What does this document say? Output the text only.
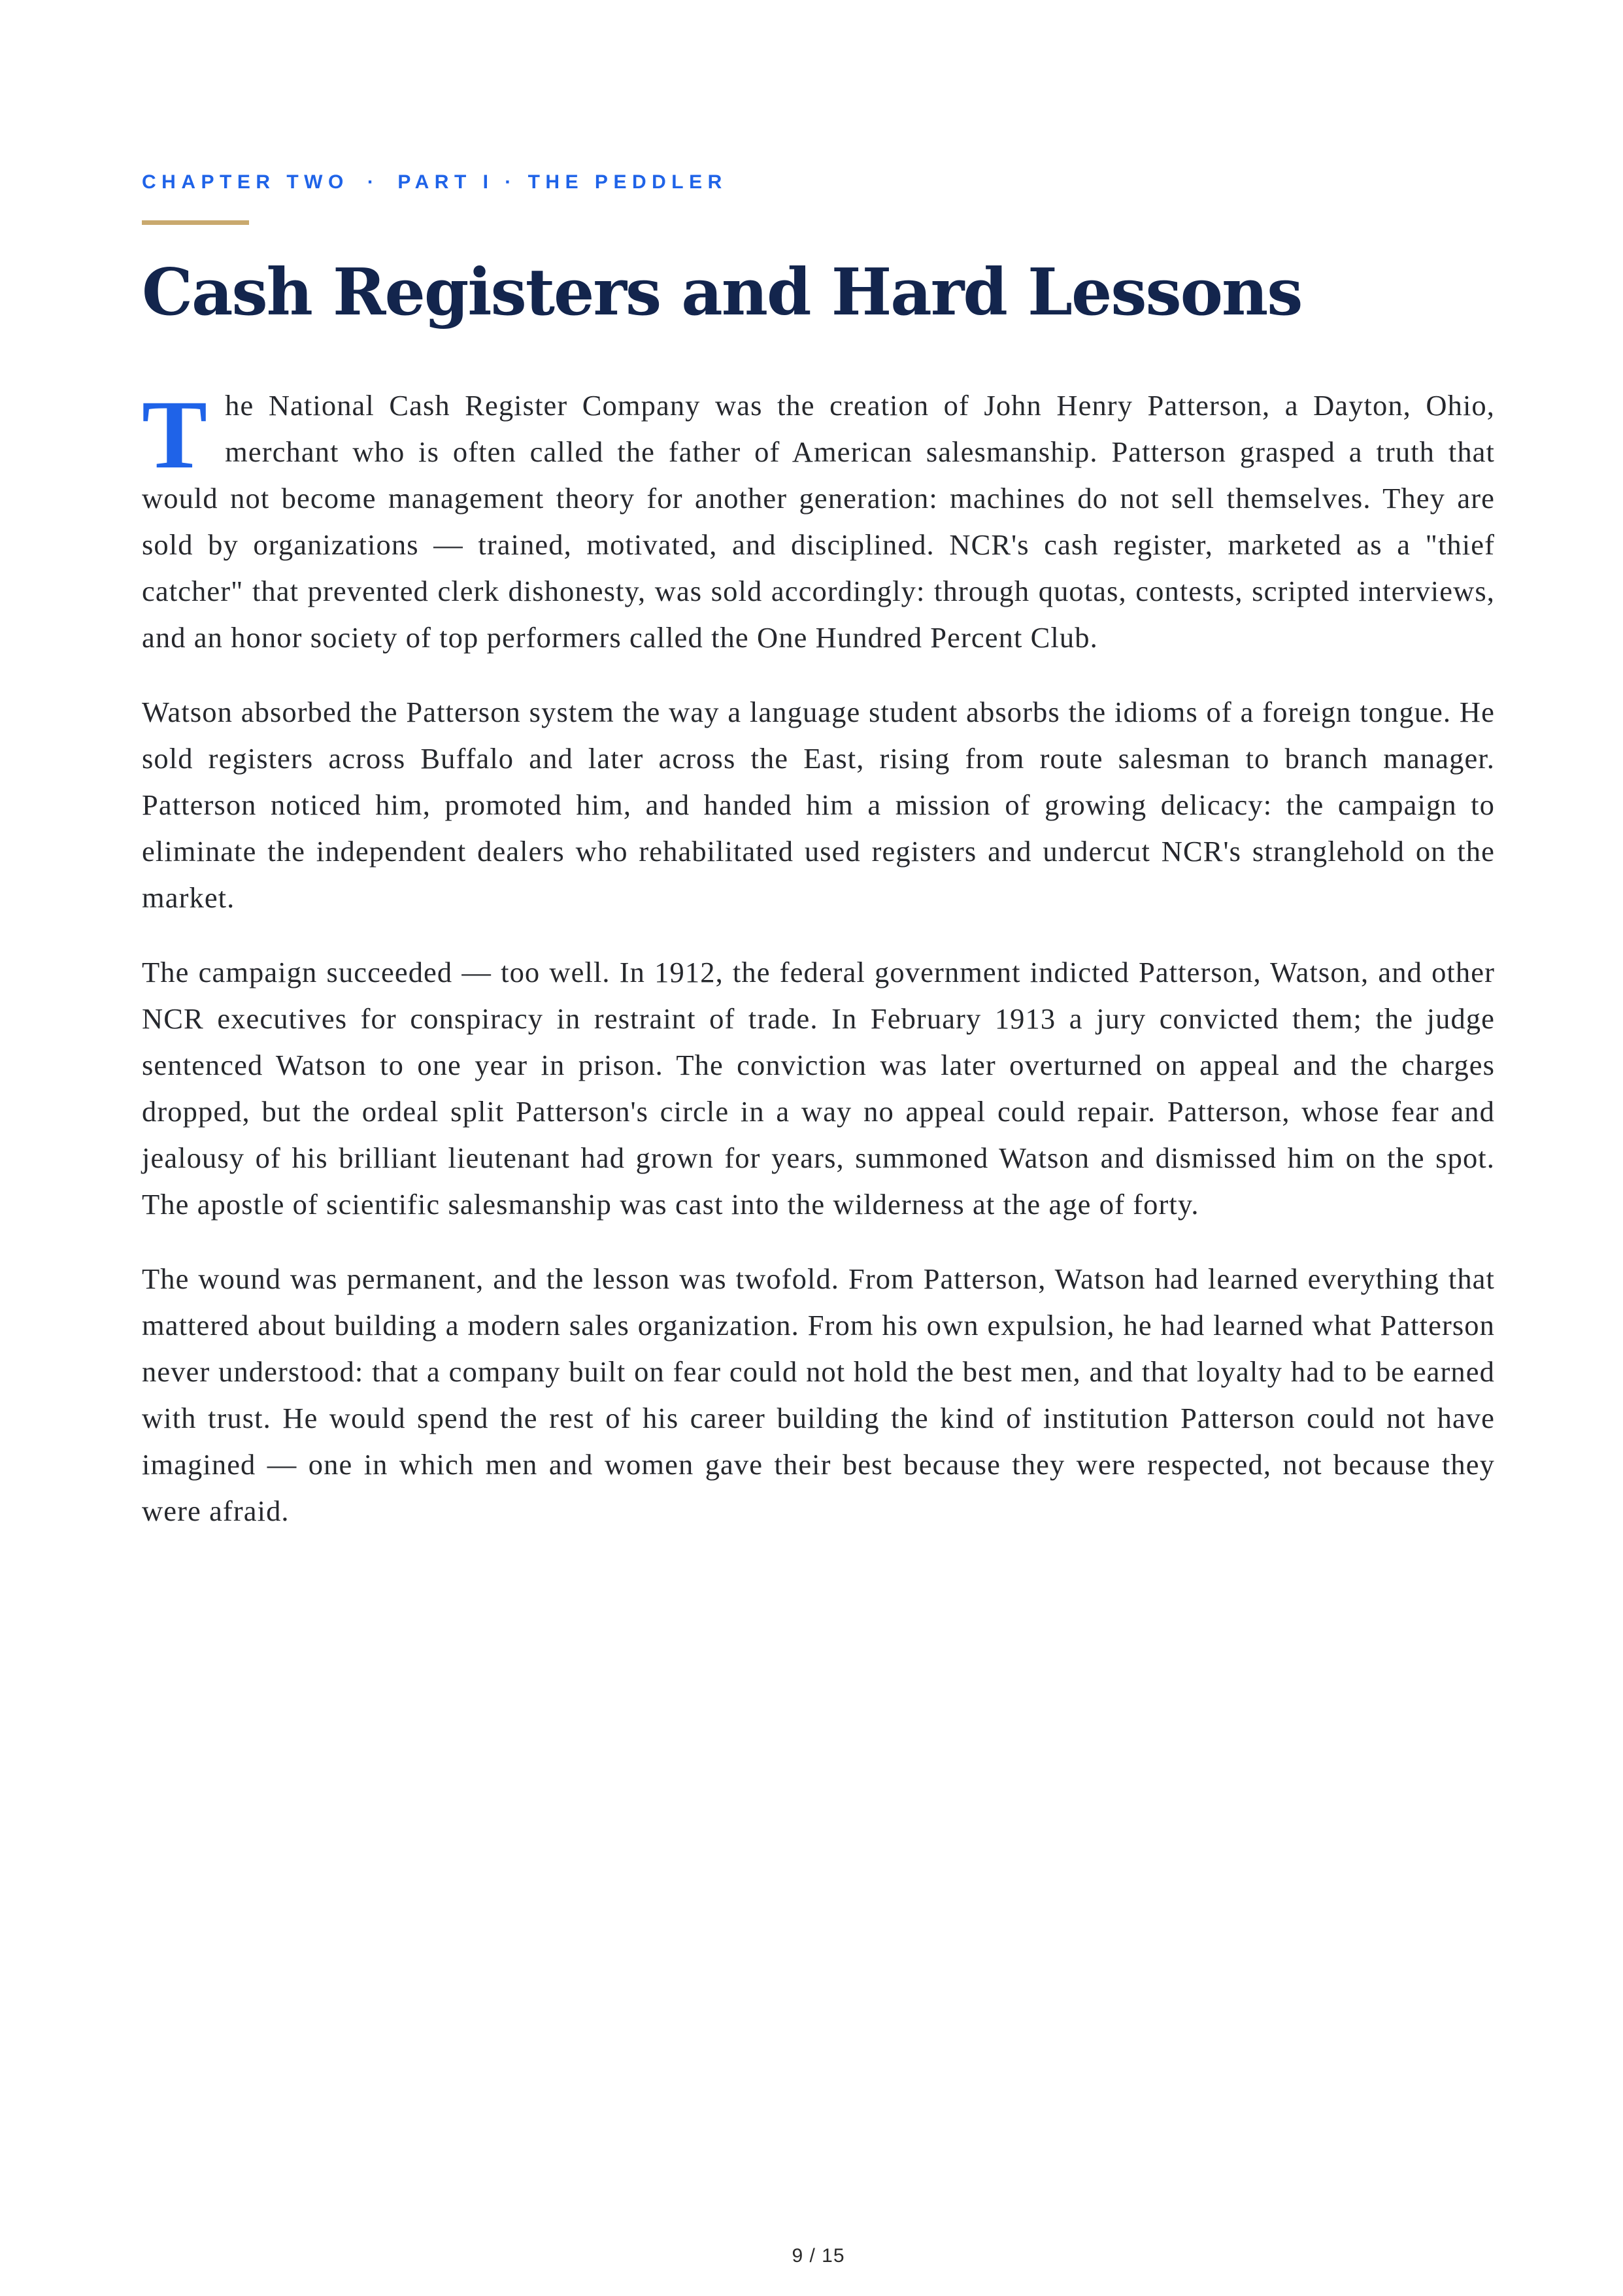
CHAPTER TWO · PART I · THE PEDDLER
Cash Registers and Hard Lessons

The National Cash Register Company was the creation of John Henry Patterson, a Dayton, Ohio, merchant who is often called the father of American salesmanship. Patterson grasped a truth that would not become management theory for another generation: machines do not sell themselves. They are sold by organizations — trained, motivated, and disciplined. NCR's cash register, marketed as a "thief catcher" that prevented clerk dishonesty, was sold accordingly: through quotas, contests, scripted interviews, and an honor society of top performers called the One Hundred Percent Club.

Watson absorbed the Patterson system the way a language student absorbs the idioms of a foreign tongue. He sold registers across Buffalo and later across the East, rising from route salesman to branch manager. Patterson noticed him, promoted him, and handed him a mission of growing delicacy: the campaign to eliminate the independent dealers who rehabilitated used registers and undercut NCR's stranglehold on the market.

The campaign succeeded — too well. In 1912, the federal government indicted Patterson, Watson, and other NCR executives for conspiracy in restraint of trade. In February 1913 a jury convicted them; the judge sentenced Watson to one year in prison. The conviction was later overturned on appeal and the charges dropped, but the ordeal split Patterson's circle in a way no appeal could repair. Patterson, whose fear and jealousy of his brilliant lieutenant had grown for years, summoned Watson and dismissed him on the spot. The apostle of scientific salesmanship was cast into the wilderness at the age of forty.

The wound was permanent, and the lesson was twofold. From Patterson, Watson had learned everything that mattered about building a modern sales organization. From his own expulsion, he had learned what Patterson never understood: that a company built on fear could not hold the best men, and that loyalty had to be earned with trust. He would spend the rest of his career building the kind of institution Patterson could not have imagined — one in which men and women gave their best because they were respected, not because they were afraid.

9 / 15
